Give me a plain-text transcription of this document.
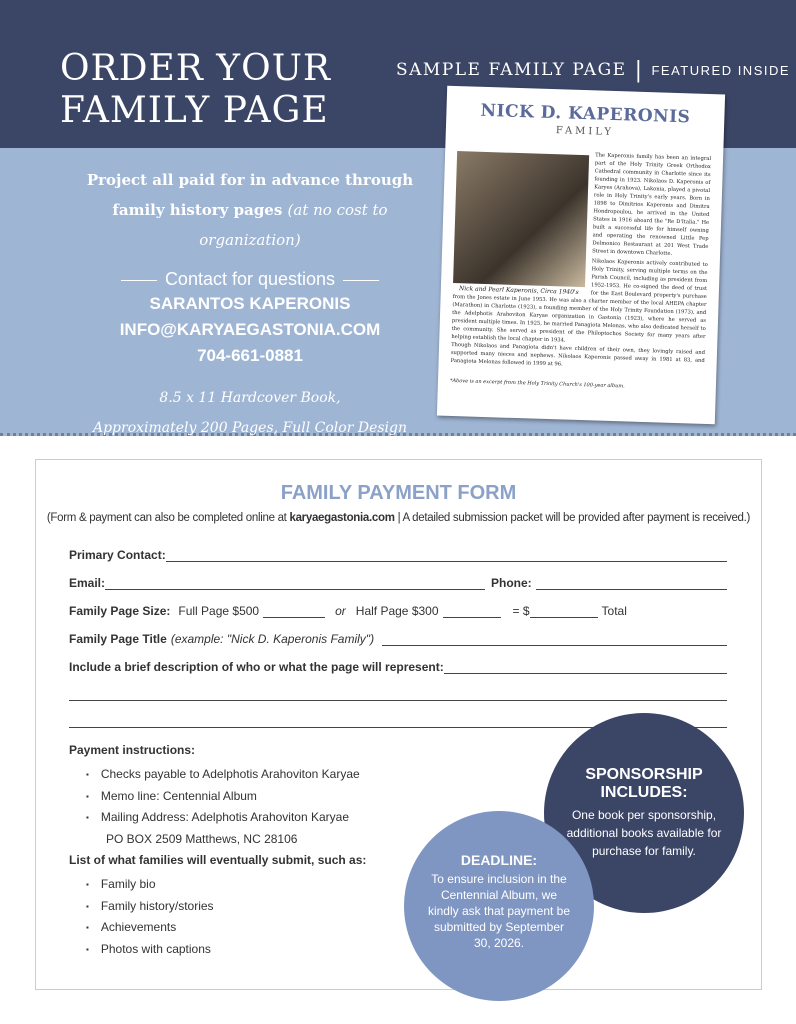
ORDER YOUR
FAMILY PAGE
SAMPLE FAMILY PAGE | FEATURED INSIDE
Project all paid for in advance through
family history pages (at no cost to organization)
Contact for questions
SARANTOS KAPERONIS
INFO@KARYAEGASTONIA.COM
704-661-0881
8.5 x 11 Hardcover Book,
Approximately 200 Pages, Full Color Design
NICK D. KAPERONIS
FAMILY

The Kaperonis family has been an integral part of the Holy Trinity Greek Orthodox Cathedral community in Charlotte since its founding in 1923. Nikolaos D. Kaperonis of Karyes (Arahova), Lakonia, played a pivotal role in Holy Trinity's early years. Born in 1898 to Dimitrios Kaperonis and Dimitra Hondropoulou, he arrived in the United States in 1916 aboard the "Re D'Italia." He built a successful life for himself owning and operating the renowned Little Pep Delmonico Restaurant at 201 West Trade Street in downtown Charlotte.

Nick and Pearl Kaperonis, Circa 1940's
Nikolaos Kaperonis actively contributed to Holy Trinity, serving multiple terms on the Parish Council, including as president from 1952-1953. He co-signed the deed of trust for the East Boulevard property's purchase from the Jones estate in June 1953. He was also a charter member of the local AHEPA chapter (Marathon) in Charlotte (1923), a founding member of the Holy Trinity Foundation (1973), and the Adelphotis Arahoviton Karyae organization in Gastonia (1923), where he served as president multiple times. In 1925, he married Panagiota Melonas, who also dedicated herself to the community. She served as president of the Philoptochos Society for many years after helping establish the local chapter in 1934.

Though Nikolaos and Panagiota didn't have children of their own, they lovingly raised and supported many nieces and nephews. Nikolaos Kaperonis passed away in 1981 at 83, and Panagiota Melonas followed in 1999 at 96.

*Above is an excerpt from the Holy Trinity Church's 100-year album.

FAMILY PAYMENT FORM
(Form & payment can also be completed online at karyaegastonia.com | A detailed submission packet will be provided after payment is received.)
Primary Contact:
Email:	Phone:
Family Page Size: Full Page $500	or Half Page $300	= $	Total
Family Page Title (example: "Nick D. Kaperonis Family")
Include a brief description of who or what the page will represent:
Payment instructions:
▪ Checks payable to Adelphotis Arahoviton Karyae
▪ Memo line: Centennial Album
▪ Mailing Address: Adelphotis Arahoviton Karyae
PO BOX 2509 Matthews, NC 28106
List of what families will eventually submit, such as:
▪ Family bio
▪ Family history/stories
▪ Achievements
▪ Photos with captions
SPONSORSHIP INCLUDES:
One book per sponsorship, additional books available for purchase for family.
DEADLINE:
To ensure inclusion in the Centennial Album, we kindly ask that payment be submitted by September 30, 2026.
